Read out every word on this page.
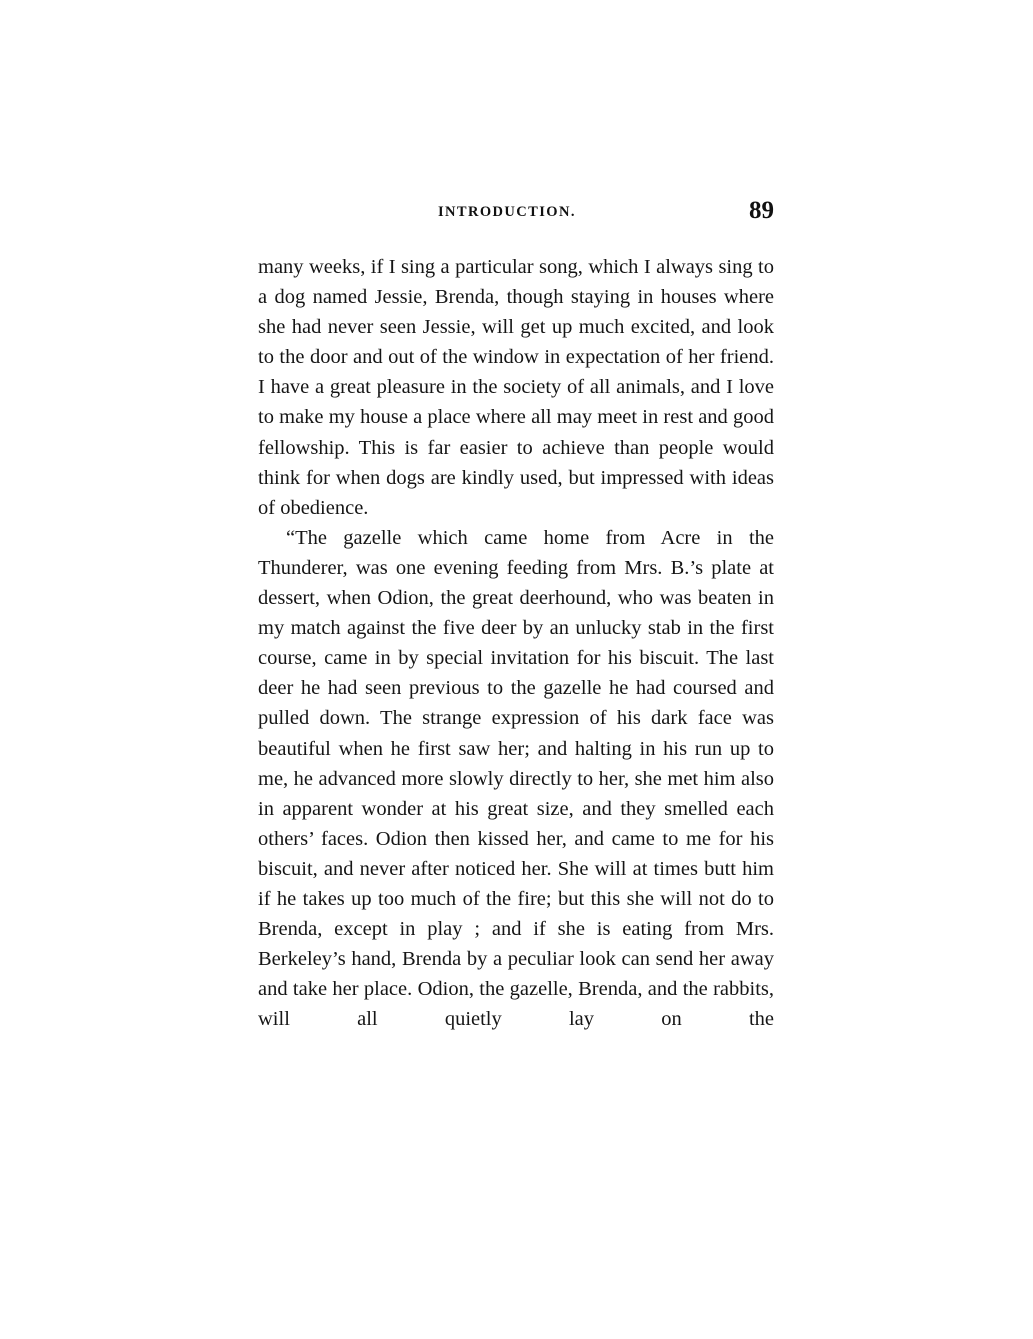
INTRODUCTION.	89

many weeks, if I sing a particular song, which I always sing to a dog named Jessie, Brenda, though staying in houses where she had never seen Jessie, will get up much excited, and look to the door and out of the window in expectation of her friend. I have a great pleasure in the society of all animals, and I love to make my house a place where all may meet in rest and good fellowship. This is far easier to achieve than people would think for when dogs are kindly used, but impressed with ideas of obedience.

“The gazelle which came home from Acre in the Thunderer, was one evening feeding from Mrs. B.’s plate at dessert, when Odion, the great deerhound, who was beaten in my match against the five deer by an unlucky stab in the first course, came in by special invitation for his biscuit. The last deer he had seen previous to the gazelle he had coursed and pulled down. The strange expression of his dark face was beautiful when he first saw her; and halting in his run up to me, he advanced more slowly directly to her, she met him also in apparent wonder at his great size, and they smelled each others’ faces. Odion then kissed her, and came to me for his biscuit, and never after noticed her. She will at times butt him if he takes up too much of the fire; but this she will not do to Brenda, except in play ; and if she is eating from Mrs. Berkeley’s hand, Brenda by a peculiar look can send her away and take her place. Odion, the gazelle, Brenda, and the rabbits, will all quietly lay on the
